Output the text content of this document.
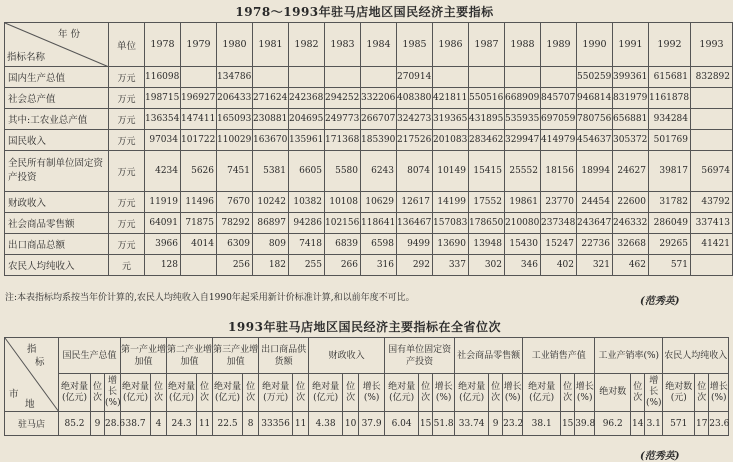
1978～1993年驻马店地区国民经济主要指标
年 份
指标名称	单位	1978	1979	1980	1981	1982	1983	1984	1985	1986	1987	1988	1989	1990	1991	1992	1993
国内生产总值	万元	116098		134786					270914					550259	399361	615681	832892
社会总产值	万元	198715	196927	206433	271624	242368	294252	332206	408380	421811	550516	668909	845707	946814	831979	1161878	
其中:工农业总产值	万元	136354	147411	165093	230881	204695	249773	266707	324273	319365	431895	535935	697059	780756	656881	934284	
国民收入	万元	97034	101722	110029	163670	135961	171368	185390	217526	201083	283462	329947	414979	454637	305372	501769	
全民所有制单位固定资产投资	万元	4234	5626	7451	5381	6605	5580	6243	8074	10149	15415	25552	18156	18994	24627	39817	56974
财政收入	万元	11919	11496	7670	10242	10382	10108	10629	12617	14199	17552	19861	23770	24454	22600	31782	43792
社会商品零售额	万元	64091	71875	78292	86897	94286	102156	118641	136467	157083	178650	210080	237348	243647	246332	286049	337413
出口商品总额	万元	3966	4014	6309	809	7418	6839	6598	9499	13690	13948	15430	15247	22736	32668	29265	41421
农民人均纯收入	元	128		256	182	255	266	316	292	337	302	346	402	321	462	571	
注:本表指标均系按当年价计算的,农民人均纯收入自1990年起采用新计价标准计算,和以前年度不可比。	(范秀英)
1993年驻马店地区国民经济主要指标在全省位次
指
标
市
地	国民生产总值			第一产业增加值		第二产业增加值		第三产业增加值		出口商品供货额		财政收入			国有单位固定资产投资			社会商品零售额			工业销售产值			工业产销率(%)			农民人均纯收入		
	绝对量(亿元)	位次	增长(%)	绝对量(亿元)	位次	绝对量(亿元)	位次	绝对量(亿元)	位次	绝对量(万元)	位次	绝对量(亿元)	位次	增长(%)	绝对量(亿元)	位次	增长(%)	绝对量(亿元)	位次	增长(%)	绝对量(亿元)	位次	增长(%)	绝对数	位次	增长(%)	绝对数(元)	位次	增长(%)
驻马店	85.2	9	28.6	38.7	4	24.3	11	22.5	8	33356	11	4.38	10	37.9	6.04	15	51.8	33.74	9	23.2	38.1	15	39.8	96.2	14	3.1	571	17	23.6
(范秀英)
